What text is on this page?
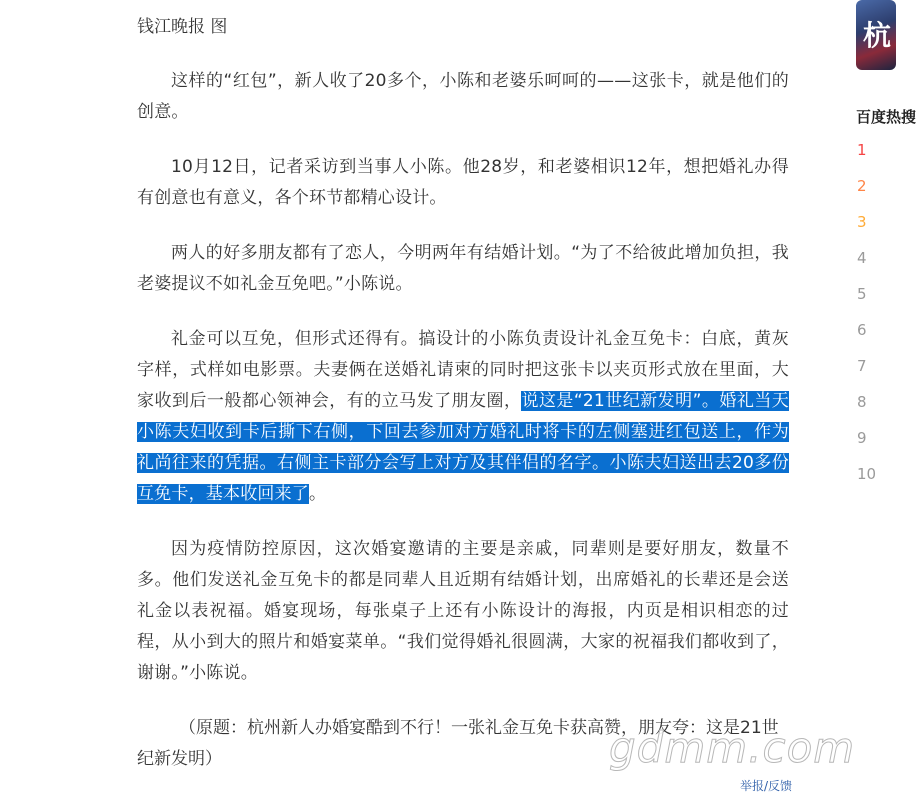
钱江晚报 图

这样的“红包”，新人收了20多个，小陈和老婆乐呵呵的——这张卡，就是他们的创意。

10月12日，记者采访到当事人小陈。他28岁，和老婆相识12年，想把婚礼办得有创意也有意义，各个环节都精心设计。

两人的好多朋友都有了恋人，今明两年有结婚计划。“为了不给彼此增加负担，我老婆提议不如礼金互免吧。”小陈说。

礼金可以互免，但形式还得有。搞设计的小陈负责设计礼金互免卡：白底，黄灰字样，式样如电影票。夫妻俩在送婚礼请柬的同时把这张卡以夹页形式放在里面，大家收到后一般都心领神会，有的立马发了朋友圈，说这是“21世纪新发明”。婚礼当天小陈夫妇收到卡后撕下右侧，下回去参加对方婚礼时将卡的左侧塞进红包送上，作为礼尚往来的凭据。右侧主卡部分会写上对方及其伴侣的名字。小陈夫妇送出去20多份互免卡，基本收回来了。

因为疫情防控原因，这次婚宴邀请的主要是亲戚，同辈则是要好朋友，数量不多。他们发送礼金互免卡的都是同辈人且近期有结婚计划，出席婚礼的长辈还是会送礼金以表祝福。婚宴现场，每张桌子上还有小陈设计的海报，内页是相识相恋的过程，从小到大的照片和婚宴菜单。“我们觉得婚礼很圆满，大家的祝福我们都收到了，谢谢。”小陈说。

（原题：杭州新人办婚宴酷到不行！一张礼金互免卡获高赞，朋友夸：这是21世纪新发明）	gdmm.com
举报/反馈
杭
百度热搜
1
2
3
4
5
6
7
8
9
10
